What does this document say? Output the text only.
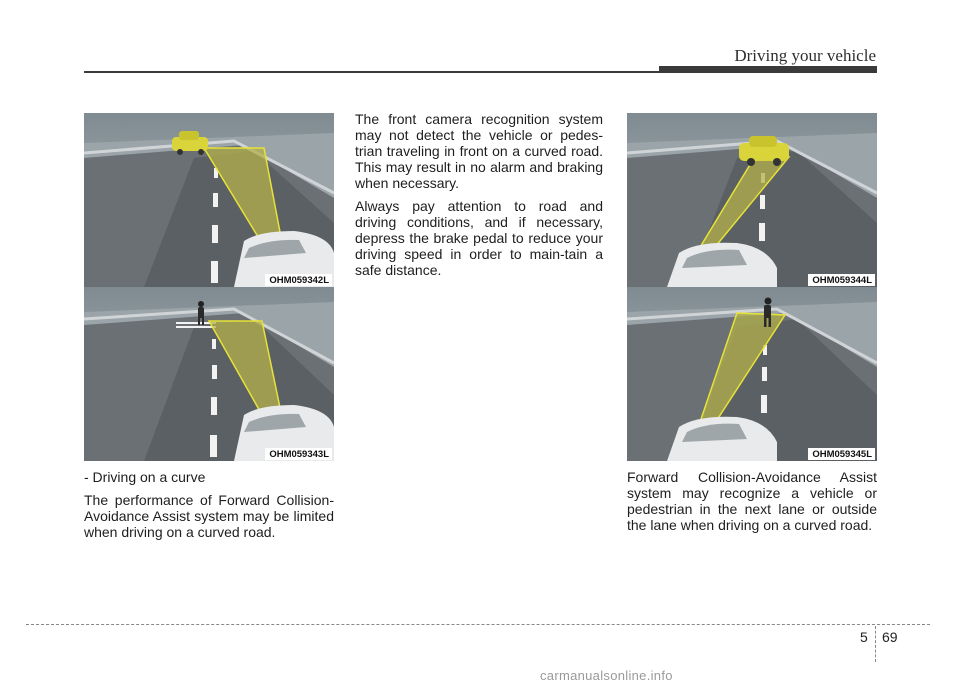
Driving your vehicle
OHM059342L
OHM059343L
OHM059344L
OHM059345L

- Driving on a curve

The performance of Forward Collision-Avoidance Assist system may be limited when driving on a curved road.

The front camera recognition system may not detect the vehicle or pedes-trian traveling in front on a curved road. This may result in no alarm and braking when necessary.

Always pay attention to road and driving conditions, and if necessary, depress the brake pedal to reduce your driving speed in order to main-tain a safe distance.

Forward Collision-Avoidance Assist system may recognize a vehicle or pedestrian in the next lane or outside the lane when driving on a curved road.

5 69
carmanualsonline.info
